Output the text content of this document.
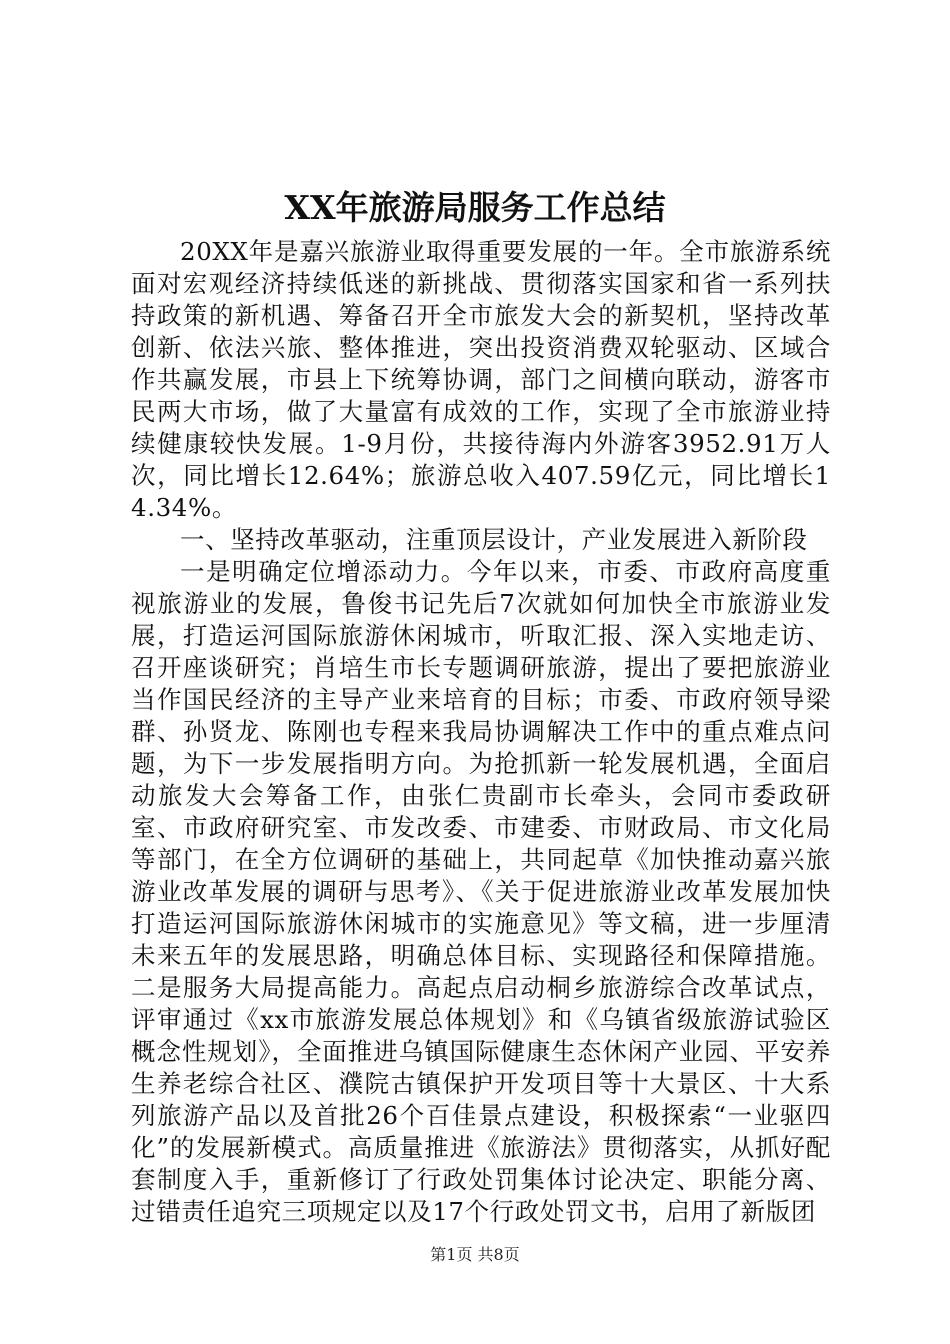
XX年旅游局服务工作总结

20XX年是嘉兴旅游业取得重要发展的一年。全市旅游系统面对宏观经济持续低迷的新挑战、贯彻落实国家和省一系列扶持政策的新机遇、筹备召开全市旅发大会的新契机，坚持改革创新、依法兴旅、整体推进，突出投资消费双轮驱动、区域合作共赢发展，市县上下统筹协调，部门之间横向联动，游客市民两大市场，做了大量富有成效的工作，实现了全市旅游业持续健康较快发展。1-9月份，共接待海内外游客3952.91万人次，同比增长12.64%；旅游总收入407.59亿元，同比增长14.34%。

一、坚持改革驱动，注重顶层设计，产业发展进入新阶段

一是明确定位增添动力。今年以来，市委、市政府高度重视旅游业的发展，鲁俊书记先后7次就如何加快全市旅游业发展，打造运河国际旅游休闲城市，听取汇报、深入实地走访、召开座谈研究；肖培生市长专题调研旅游，提出了要把旅游业当作国民经济的主导产业来培育的目标；市委、市政府领导梁群、孙贤龙、陈刚也专程来我局协调解决工作中的重点难点问题，为下一步发展指明方向。为抢抓新一轮发展机遇，全面启动旅发大会筹备工作，由张仁贵副市长牵头，会同市委政研室、市政府研究室、市发改委、市建委、市财政局、市文化局等部门，在全方位调研的基础上，共同起草《加快推动嘉兴旅游业改革发展的调研与思考》、《关于促进旅游业改革发展加快打造运河国际旅游休闲城市的实施意见》等文稿，进一步厘清未来五年的发展思路，明确总体目标、实现路径和保障措施。二是服务大局提高能力。高起点启动桐乡旅游综合改革试点，评审通过《xx市旅游发展总体规划》和《乌镇省级旅游试验区概念性规划》，全面推进乌镇国际健康生态休闲产业园、平安养生养老综合社区、濮院古镇保护开发项目等十大景区、十大系列旅游产品以及首批26个百佳景点建设，积极探索“一业驱四化”的发展新模式。高质量推进《旅游法》贯彻落实，从抓好配套制度入手，重新修订了行政处罚集体讨论决定、职能分离、过错责任追究三项规定以及17个行政处罚文书，启用了新版团

第1页 共8页
